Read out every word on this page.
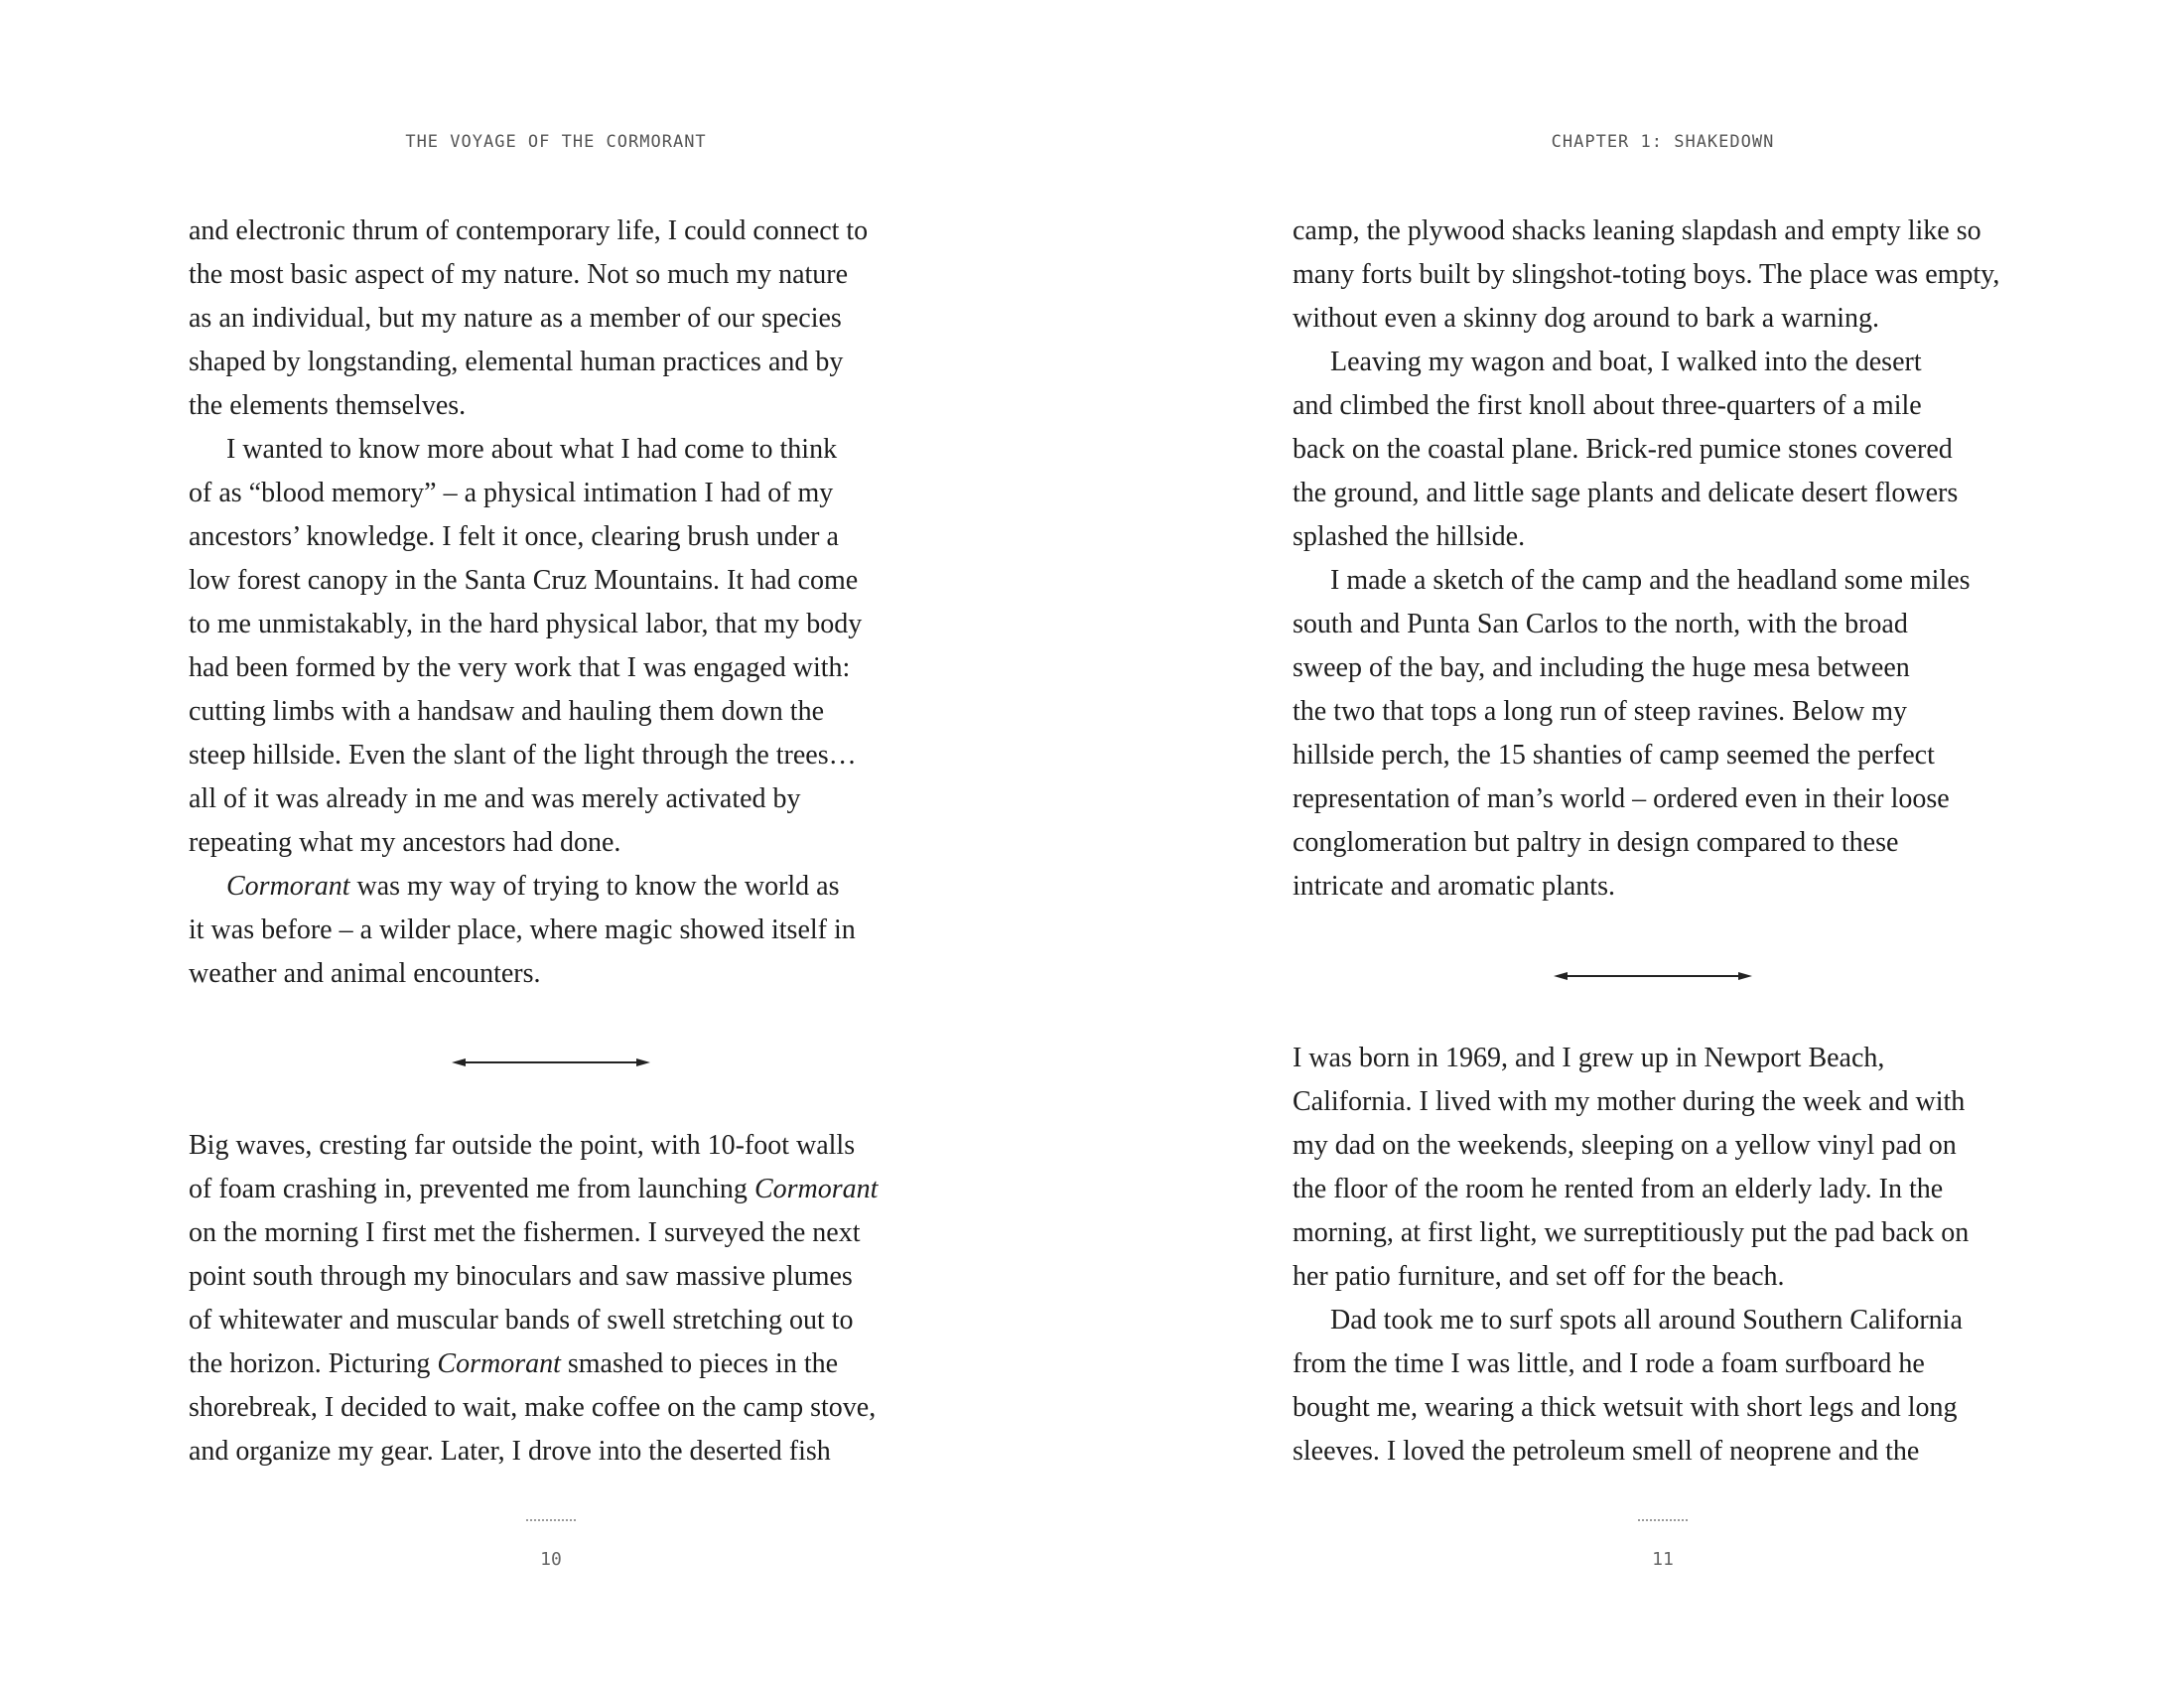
THE VOYAGE OF THE CORMORANT

and electronic thrum of contemporary life, I could connect to
the most basic aspect of my nature. Not so much my nature
as an individual, but my nature as a member of our species
shaped by longstanding, elemental human practices and by
the elements themselves.

I wanted to know more about what I had come to think
of as “blood memory” – a physical intimation I had of my
ancestors’ knowledge. I felt it once, clearing brush under a
low forest canopy in the Santa Cruz Mountains. It had come
to me unmistakably, in the hard physical labor, that my body
had been formed by the very work that I was engaged with:
cutting limbs with a handsaw and hauling them down the
steep hillside. Even the slant of the light through the trees…
all of it was already in me and was merely activated by
repeating what my ancestors had done.

Cormorant was my way of trying to know the world as
it was before – a wilder place, where magic showed itself in
weather and animal encounters.

Big waves, cresting far outside the point, with 10-foot walls
of foam crashing in, prevented me from launching Cormorant
on the morning I first met the fishermen. I surveyed the next
point south through my binoculars and saw massive plumes
of whitewater and muscular bands of swell stretching out to
the horizon. Picturing Cormorant smashed to pieces in the
shorebreak, I decided to wait, make coffee on the camp stove,
and organize my gear. Later, I drove into the deserted fish

10
CHAPTER 1: SHAKEDOWN

camp, the plywood shacks leaning slapdash and empty like so
many forts built by slingshot-toting boys. The place was empty,
without even a skinny dog around to bark a warning.

Leaving my wagon and boat, I walked into the desert
and climbed the first knoll about three-quarters of a mile
back on the coastal plane. Brick-red pumice stones covered
the ground, and little sage plants and delicate desert flowers
splashed the hillside.

I made a sketch of the camp and the headland some miles
south and Punta San Carlos to the north, with the broad
sweep of the bay, and including the huge mesa between
the two that tops a long run of steep ravines. Below my
hillside perch, the 15 shanties of camp seemed the perfect
representation of man’s world – ordered even in their loose
conglomeration but paltry in design compared to these
intricate and aromatic plants.

I was born in 1969, and I grew up in Newport Beach,
California. I lived with my mother during the week and with
my dad on the weekends, sleeping on a yellow vinyl pad on
the floor of the room he rented from an elderly lady. In the
morning, at first light, we surreptitiously put the pad back on
her patio furniture, and set off for the beach.

Dad took me to surf spots all around Southern California
from the time I was little, and I rode a foam surfboard he
bought me, wearing a thick wetsuit with short legs and long
sleeves. I loved the petroleum smell of neoprene and the

11
